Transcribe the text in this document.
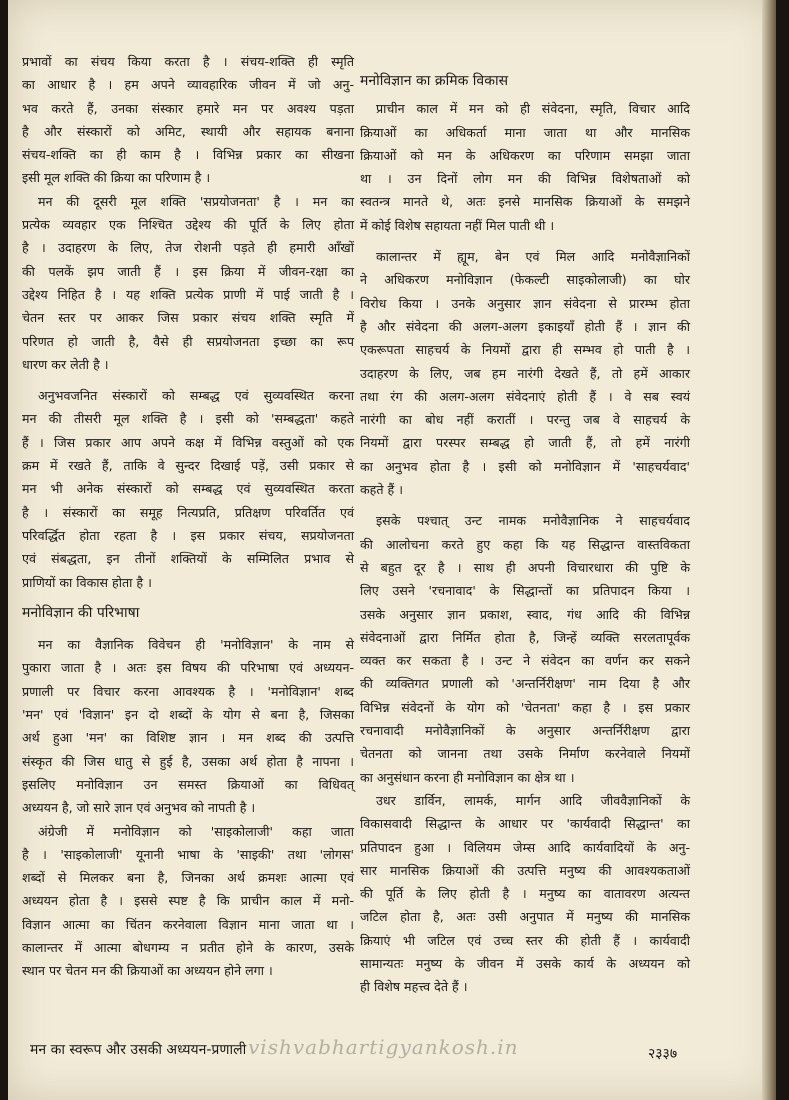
प्रभावों का संचय किया करता है । संचय-शक्ति ही स्मृति

का आधार है । हम अपने व्यावहारिक जीवन में जो अनु-

भव करते हैं, उनका संस्कार हमारे मन पर अवश्य पड़ता

है और संस्कारों को अमिट, स्थायी और सहायक बनाना

संचय-शक्ति का ही काम है । विभिन्न प्रकार का सीखना

इसी मूल शक्ति की क्रिया का परिणाम है ।

मन की दूसरी मूल शक्ति 'सप्रयोजनता' है । मन का

प्रत्येक व्यवहार एक निश्चित उद्देश्य की पूर्ति के लिए होता

है । उदाहरण के लिए, तेज रोशनी पड़ते ही हमारी आँखों

की पलकें झप जाती हैं । इस क्रिया में जीवन-रक्षा का

उद्देश्य निहित है । यह शक्ति प्रत्येक प्राणी में पाई जाती है ।

चेतन स्तर पर आकर जिस प्रकार संचय शक्ति स्मृति में

परिणत हो जाती है, वैसे ही सप्रयोजनता इच्छा का रूप

धारण कर लेती है ।

अनुभवजनित संस्कारों को सम्बद्ध एवं सुव्यवस्थित करना

मन की तीसरी मूल शक्ति है । इसी को 'सम्बद्धता' कहते

हैं । जिस प्रकार आप अपने कक्ष में विभिन्न वस्तुओं को एक

क्रम में रखते हैं, ताकि वे सुन्दर दिखाई पड़ें, उसी प्रकार से

मन भी अनेक संस्कारों को सम्बद्ध एवं सुव्यवस्थित करता

है । संस्कारों का समूह नित्यप्रति, प्रतिक्षण परिवर्तित एवं

परिवर्द्धित होता रहता है । इस प्रकार संचय, सप्रयोजनता

एवं संबद्धता, इन तीनों शक्तियों के सम्मिलित प्रभाव से

प्राणियों का विकास होता है ।

मनोविज्ञान की परिभाषा

मन का वैज्ञानिक विवेचन ही 'मनोविज्ञान' के नाम से

पुकारा जाता है । अतः इस विषय की परिभाषा एवं अध्ययन-

प्रणाली पर विचार करना आवश्यक है । 'मनोविज्ञान' शब्द

'मन' एवं 'विज्ञान' इन दो शब्दों के योग से बना है, जिसका

अर्थ हुआ 'मन' का विशिष्ट ज्ञान । मन शब्द की उत्पत्ति

संस्कृत की जिस धातु से हुई है, उसका अर्थ होता है नापना ।

इसलिए मनोविज्ञान उन समस्त क्रियाओं का विधिवत्

अध्ययन है, जो सारे ज्ञान एवं अनुभव को नापती है ।

अंग्रेजी में मनोविज्ञान को 'साइकोलाजी' कहा जाता

है । 'साइकोलाजी' यूनानी भाषा के 'साइकी' तथा 'लोगस'

शब्दों से मिलकर बना है, जिनका अर्थ क्रमशः आत्मा एवं

अध्ययन होता है । इससे स्पष्ट है कि प्राचीन काल में मनो-

विज्ञान आत्मा का चिंतन करनेवाला विज्ञान माना जाता था ।

कालान्तर में आत्मा बोधगम्य न प्रतीत होने के कारण, उसके

स्थान पर चेतन मन की क्रियाओं का अध्ययन होने लगा ।

मनोविज्ञान का क्रमिक विकास

प्राचीन काल में मन को ही संवेदना, स्मृति, विचार आदि

क्रियाओं का अधिकर्ता माना जाता था और मानसिक

क्रियाओं को मन के अधिकरण का परिणाम समझा जाता

था । उन दिनों लोग मन की विभिन्न विशेषताओं को

स्वतन्त्र मानते थे, अतः इनसे मानसिक क्रियाओं के समझने

में कोई विशेष सहायता नहीं मिल पाती थी ।

कालान्तर में ह्यूम, बेन एवं मिल आदि मनोवैज्ञानिकों

ने अधिकरण मनोविज्ञान (फेकल्टी साइकोलाजी) का घोर

विरोध किया । उनके अनुसार ज्ञान संवेदना से प्रारम्भ होता

है और संवेदना की अलग-अलग इकाइयाँ होती हैं । ज्ञान की

एकरूपता साहचर्य के नियमों द्वारा ही सम्भव हो पाती है ।

उदाहरण के लिए, जब हम नारंगी देखते हैं, तो हमें आकार

तथा रंग की अलग-अलग संवेदनाएं होती हैं । वे सब स्वयं

नारंगी का बोध नहीं करातीं । परन्तु जब वे साहचर्य के

नियमों द्वारा परस्पर सम्बद्ध हो जाती हैं, तो हमें नारंगी

का अनुभव होता है । इसी को मनोविज्ञान में 'साहचर्यवाद'

कहते हैं ।

इसके पश्चात् उन्ट नामक मनोवैज्ञानिक ने साहचर्यवाद

की आलोचना करते हुए कहा कि यह सिद्धान्त वास्तविकता

से बहुत दूर है । साथ ही अपनी विचारधारा की पुष्टि के

लिए उसने 'रचनावाद' के सिद्धान्तों का प्रतिपादन किया ।

उसके अनुसार ज्ञान प्रकाश, स्वाद, गंध आदि की विभिन्न

संवेदनाओं द्वारा निर्मित होता है, जिन्हें व्यक्ति सरलतापूर्वक

व्यक्त कर सकता है । उन्ट ने संवेदन का वर्णन कर सकने

की व्यक्तिगत प्रणाली को 'अन्तर्निरीक्षण' नाम दिया है और

विभिन्न संवेदनों के योग को 'चेतनता' कहा है । इस प्रकार

रचनावादी मनोवैज्ञानिकों के अनुसार अन्तर्निरीक्षण द्वारा

चेतनता को जानना तथा उसके निर्माण करनेवाले नियमों

का अनुसंधान करना ही मनोविज्ञान का क्षेत्र था ।

उधर डार्विन, लामर्क, मार्गन आदि जीववैज्ञानिकों के

विकासवादी सिद्धान्त के आधार पर 'कार्यवादी सिद्धान्त' का

प्रतिपादन हुआ । विलियम जेम्स आदि कार्यवादियों के अनु-

सार मानसिक क्रियाओं की उत्पत्ति मनुष्य की आवश्यकताओं

की पूर्ति के लिए होती है । मनुष्य का वातावरण अत्यन्त

जटिल होता है, अतः उसी अनुपात में मनुष्य की मानसिक

क्रियाएं भी जटिल एवं उच्च स्तर की होती हैं । कार्यवादी

सामान्यतः मनुष्य के जीवन में उसके कार्य के अध्ययन को

ही विशेष महत्त्व देते हैं ।

मन का स्वरूप और उसकी अध्ययन-प्रणाली vishvabhartigyankosh.in	२३३७
